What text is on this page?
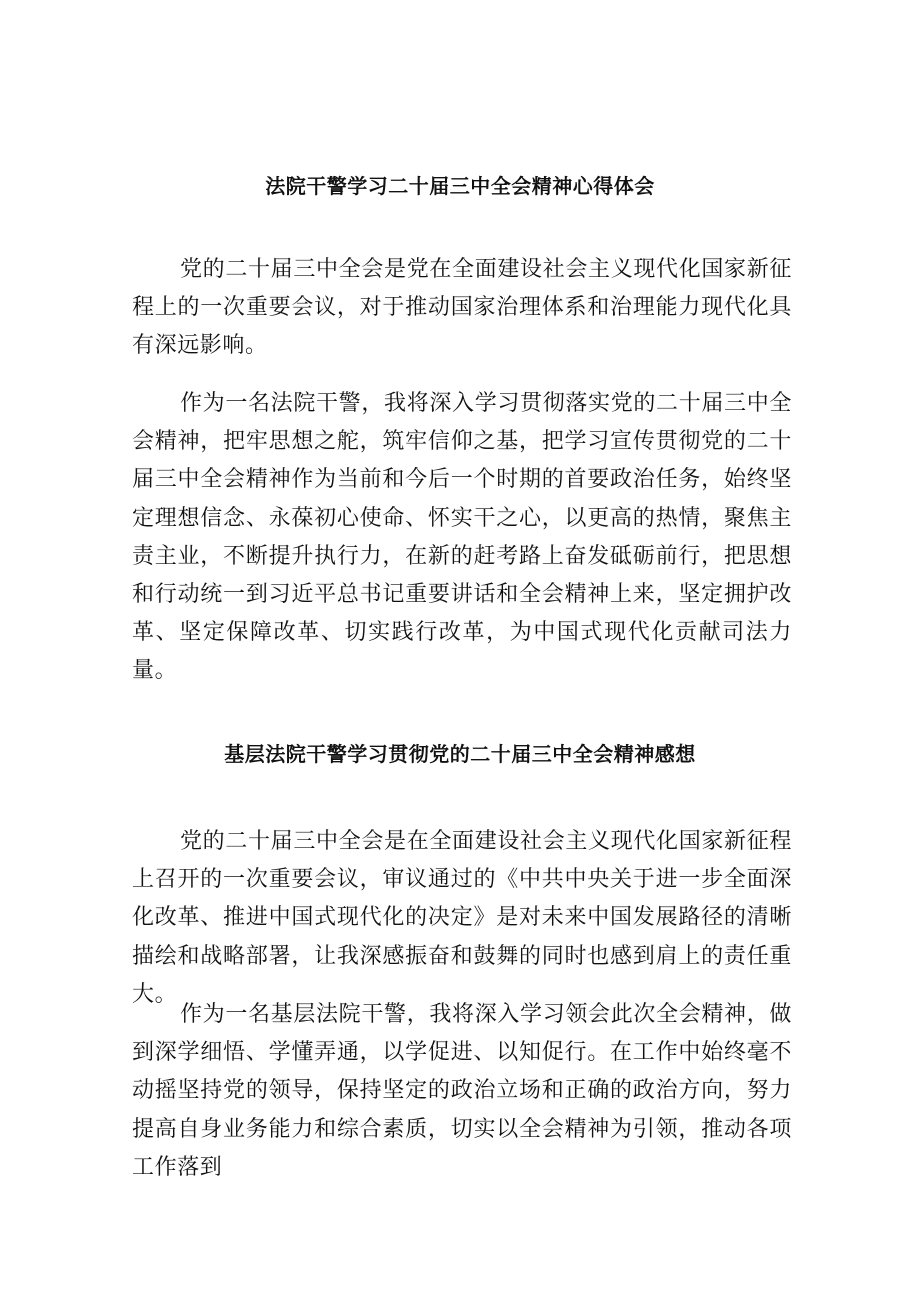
法院干警学习二十届三中全会精神心得体会

党的二十届三中全会是党在全面建设社会主义现代化国家新征程上的一次重要会议，对于推动国家治理体系和治理能力现代化具有深远影响。

作为一名法院干警，我将深入学习贯彻落实党的二十届三中全会精神，把牢思想之舵，筑牢信仰之基，把学习宣传贯彻党的二十届三中全会精神作为当前和今后一个时期的首要政治任务，始终坚定理想信念、永葆初心使命、怀实干之心，以更高的热情，聚焦主责主业，不断提升执行力，在新的赶考路上奋发砥砺前行，把思想和行动统一到习近平总书记重要讲话和全会精神上来，坚定拥护改革、坚定保障改革、切实践行改革，为中国式现代化贡献司法力量。

基层法院干警学习贯彻党的二十届三中全会精神感想

党的二十届三中全会是在全面建设社会主义现代化国家新征程上召开的一次重要会议，审议通过的《中共中央关于进一步全面深化改革、推进中国式现代化的决定》是对未来中国发展路径的清晰描绘和战略部署，让我深感振奋和鼓舞的同时也感到肩上的责任重大。

作为一名基层法院干警，我将深入学习领会此次全会精神，做到深学细悟、学懂弄通，以学促进、以知促行。在工作中始终毫不动摇坚持党的领导，保持坚定的政治立场和正确的政治方向，努力提高自身业务能力和综合素质，切实以全会精神为引领，推动各项工作落到
